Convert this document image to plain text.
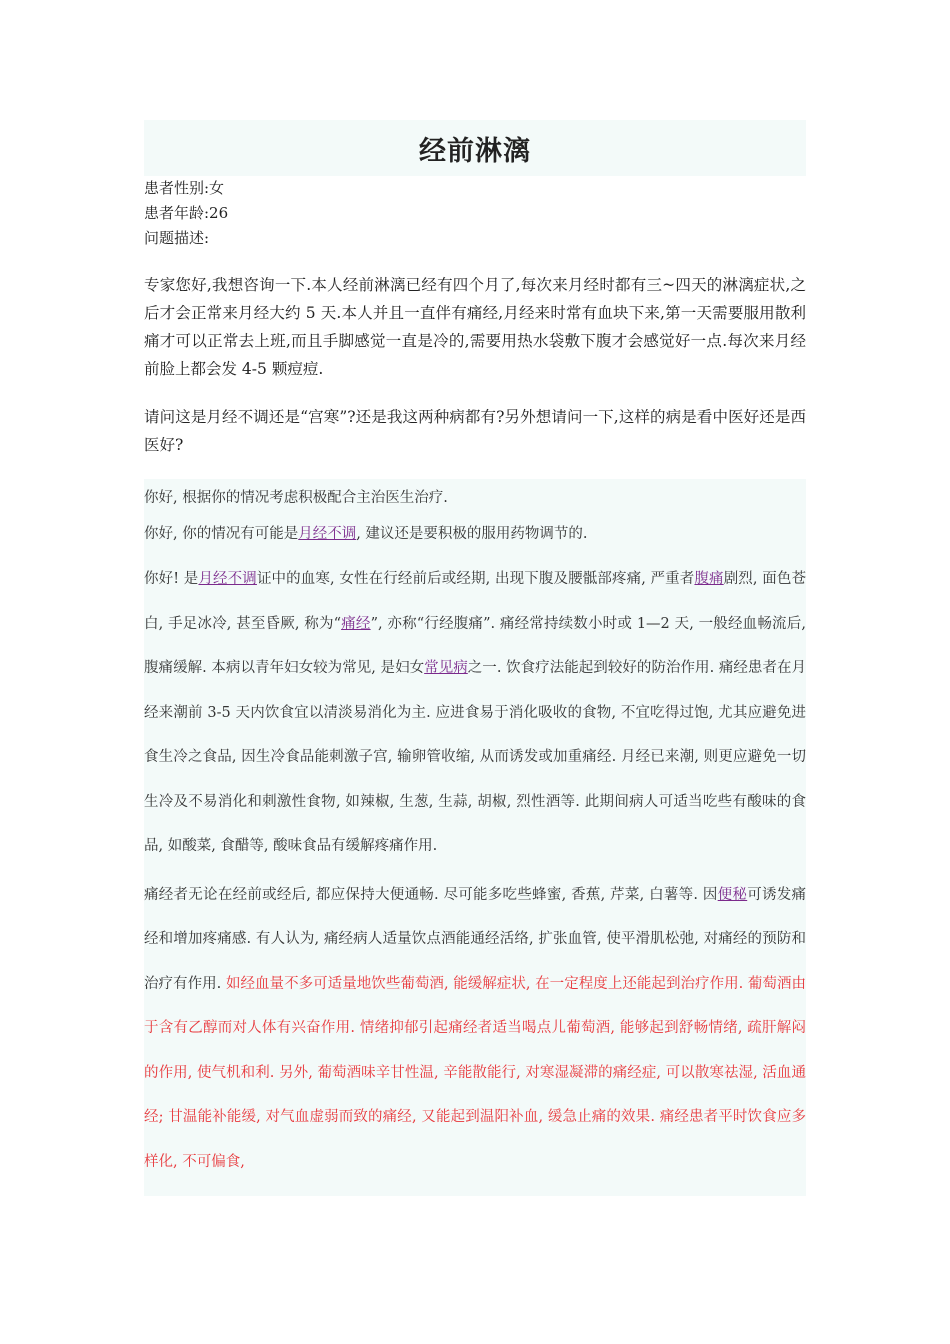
经前淋漓
患者性别:女
患者年龄:26
问题描述:

专家您好,我想咨询一下.本人经前淋漓已经有四个月了,每次来月经时都有三~四天的淋漓症状,之后才会正常来月经大约 5 天.本人并且一直伴有痛经,月经来时常有血块下来,第一天需要服用散利痛才可以正常去上班,而且手脚感觉一直是冷的,需要用热水袋敷下腹才会感觉好一点.每次来月经前脸上都会发 4-5 颗痘痘.

请问这是月经不调还是“宫寒”?还是我这两种病都有?另外想请问一下,这样的病是看中医好还是西医好?

你好, 根据你的情况考虑积极配合主治医生治疗.

你好, 你的情况有可能是月经不调, 建议还是要积极的服用药物调节的.

你好! 是月经不调证中的血寒, 女性在行经前后或经期, 出现下腹及腰骶部疼痛, 严重者腹痛剧烈, 面色苍白, 手足冰冷, 甚至昏厥, 称为“痛经”, 亦称“行经腹痛”. 痛经常持续数小时或 1—2 天, 一般经血畅流后, 腹痛缓解. 本病以青年妇女较为常见, 是妇女常见病之一. 饮食疗法能起到较好的防治作用. 痛经患者在月经来潮前 3-5 天内饮食宜以清淡易消化为主. 应进食易于消化吸收的食物, 不宜吃得过饱, 尤其应避免进食生冷之食品, 因生冷食品能刺激子宫, 输卵管收缩, 从而诱发或加重痛经. 月经已来潮, 则更应避免一切生冷及不易消化和刺激性食物, 如辣椒, 生葱, 生蒜, 胡椒, 烈性酒等. 此期间病人可适当吃些有酸味的食品, 如酸菜, 食醋等, 酸味食品有缓解疼痛作用.

痛经者无论在经前或经后, 都应保持大便通畅. 尽可能多吃些蜂蜜, 香蕉, 芹菜, 白薯等. 因便秘可诱发痛经和增加疼痛感. 有人认为, 痛经病人适量饮点酒能通经活络, 扩张血管, 使平滑肌松弛, 对痛经的预防和治疗有作用. 如经血量不多可适量地饮些葡萄酒, 能缓解症状, 在一定程度上还能起到治疗作用. 葡萄酒由于含有乙醇而对人体有兴奋作用. 情绪抑郁引起痛经者适当喝点儿葡萄酒, 能够起到舒畅情绪, 疏肝解闷的作用, 使气机和利. 另外, 葡萄酒味辛甘性温, 辛能散能行, 对寒湿凝滞的痛经症, 可以散寒祛湿, 活血通经; 甘温能补能缓, 对气血虚弱而致的痛经, 又能起到温阳补血, 缓急止痛的效果. 痛经患者平时饮食应多样化, 不可偏食,
